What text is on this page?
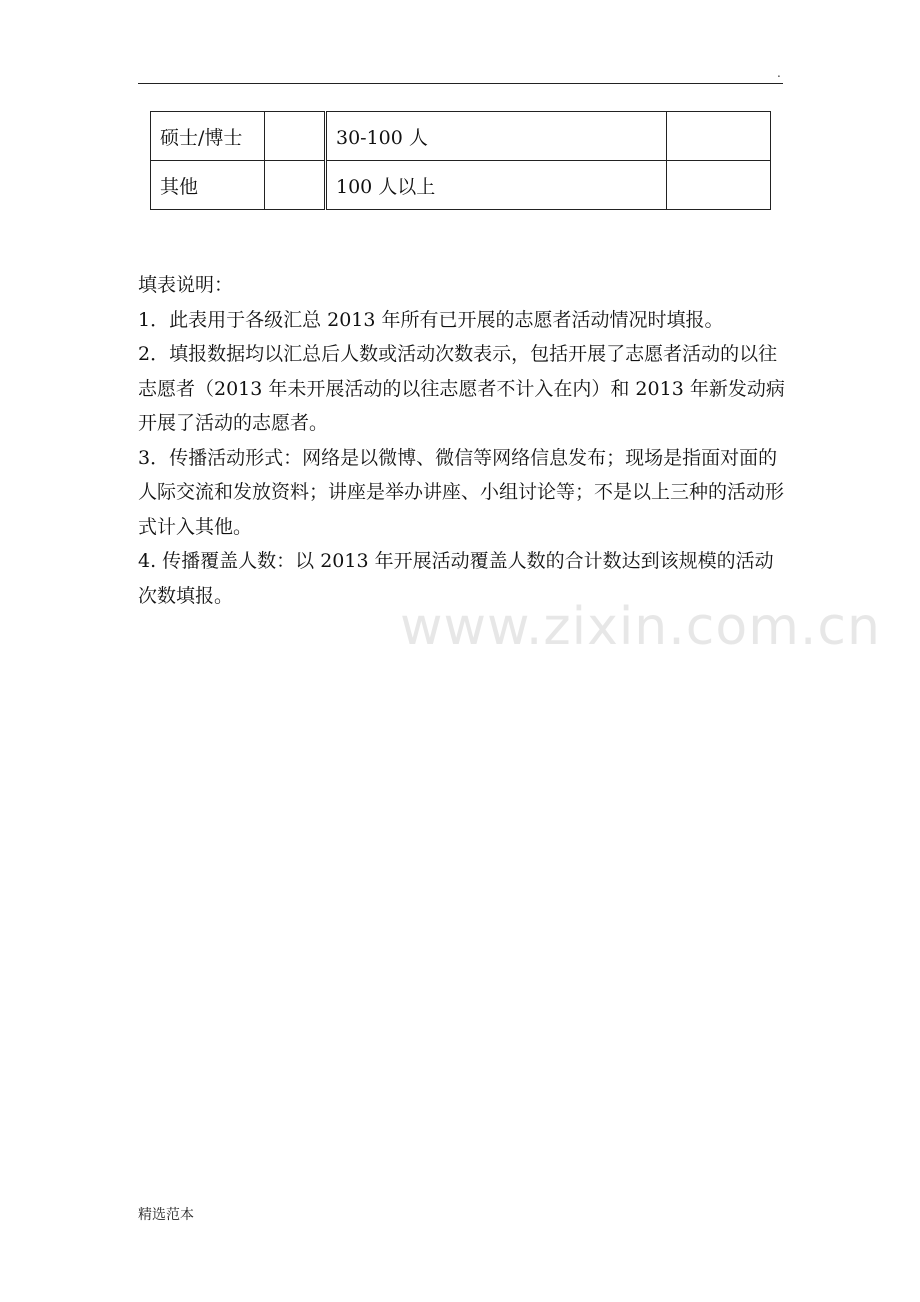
.
硕士/博士		30-100 人	
其他		100 人以上	

填表说明：

1．此表用于各级汇总 2013 年所有已开展的志愿者活动情况时填报。

2．填报数据均以汇总后人数或活动次数表示，包括开展了志愿者活动的以往志愿者（2013 年未开展活动的以往志愿者不计入在内）和 2013 年新发动病开展了活动的志愿者。

3．传播活动形式：网络是以微博、微信等网络信息发布；现场是指面对面的人际交流和发放资料；讲座是举办讲座、小组讨论等；不是以上三种的活动形式计入其他。

4. 传播覆盖人数：以 2013 年开展活动覆盖人数的合计数达到该规模的活动次数填报。

www.zixin.com.cn
精选范本
